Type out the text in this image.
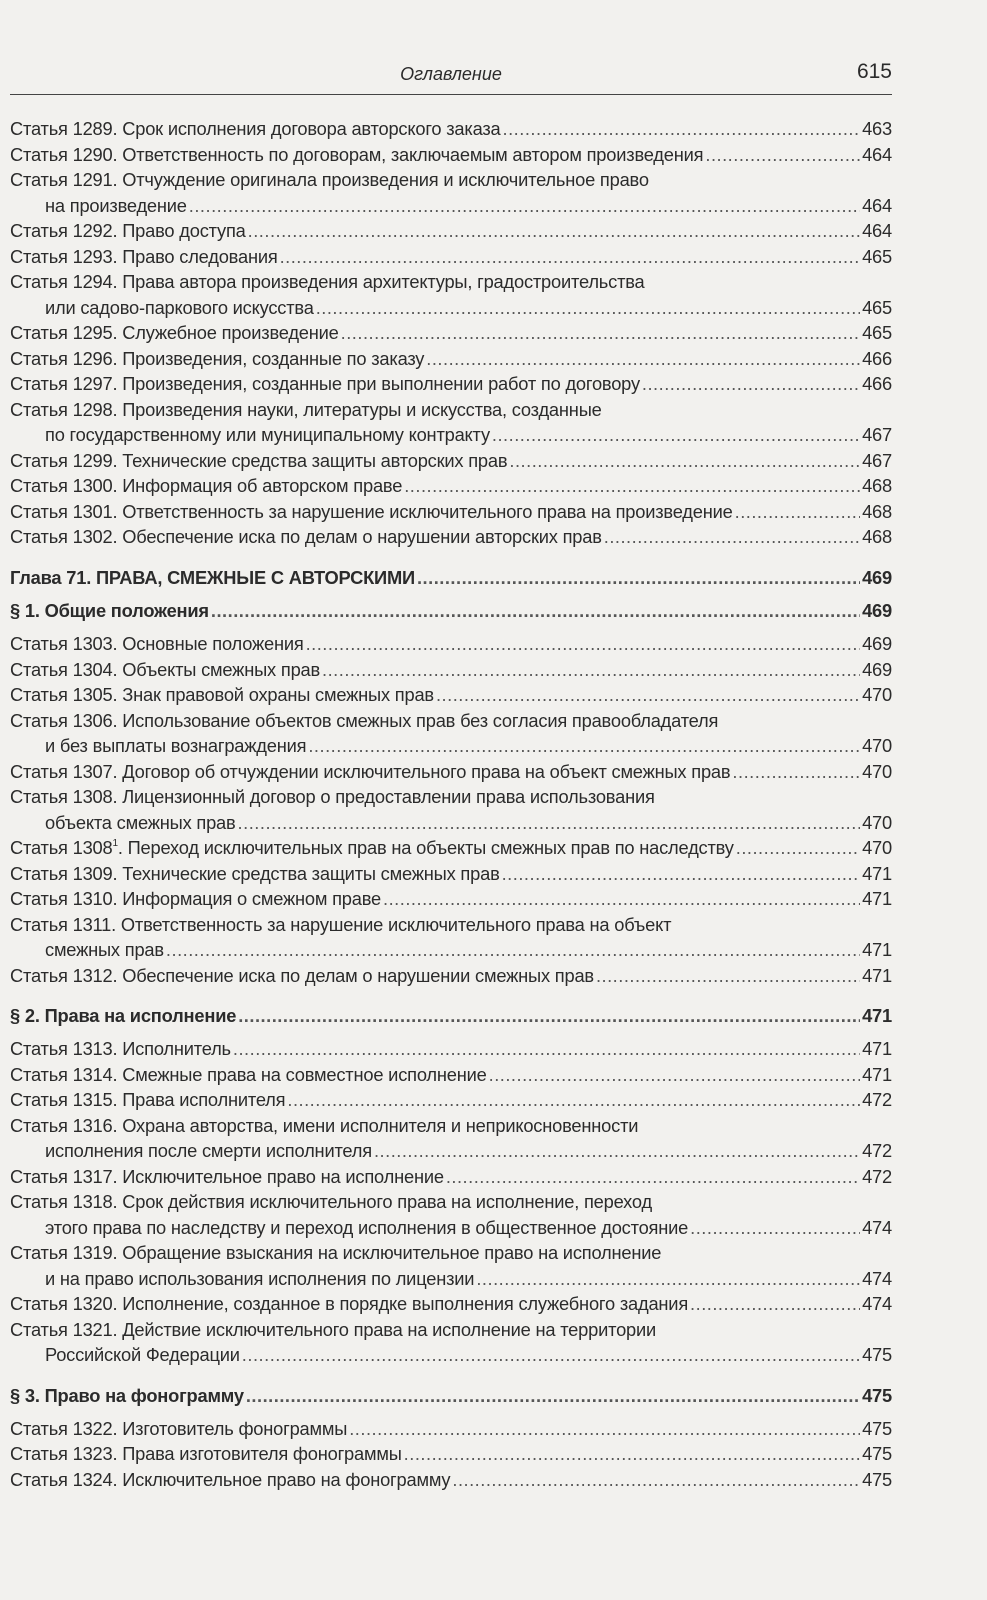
Оглавление	615
Статья 1289. Срок исполнения договора авторского заказа .....	463
Статья 1290. Ответственность по договорам, заключаемым автором произведения .....	464
Статья 1291. Отчуждение оригинала произведения и исключительное право
на произведение .....	464
Статья 1292. Право доступа .....	464
Статья 1293. Право следования .....	465
Статья 1294. Права автора произведения архитектуры, градостроительства
или садово-паркового искусства .....	465
Статья 1295. Служебное произведение .....	465
Статья 1296. Произведения, созданные по заказу .....	466
Статья 1297. Произведения, созданные при выполнении работ по договору .....	466
Статья 1298. Произведения науки, литературы и искусства, созданные
по государственному или муниципальному контракту .....	467
Статья 1299. Технические средства защиты авторских прав .....	467
Статья 1300. Информация об авторском праве .....	468
Статья 1301. Ответственность за нарушение исключительного права на произведение .....	468
Статья 1302. Обеспечение иска по делам о нарушении авторских прав .....	468
Глава 71. ПРАВА, СМЕЖНЫЕ С АВТОРСКИМИ .....	469
§ 1. Общие положения .....	469
Статья 1303. Основные положения .....	469
Статья 1304. Объекты смежных прав .....	469
Статья 1305. Знак правовой охраны смежных прав .....	470
Статья 1306. Использование объектов смежных прав без согласия правообладателя
и без выплаты вознаграждения .....	470
Статья 1307. Договор об отчуждении исключительного права на объект смежных прав .....	470
Статья 1308. Лицензионный договор о предоставлении права использования
объекта смежных прав .....	470
Статья 1308$^1$. Переход исключительных прав на объекты смежных прав по наследству .....	470
Статья 1309. Технические средства защиты смежных прав .....	471
Статья 1310. Информация о смежном праве .....	471
Статья 1311. Ответственность за нарушение исключительного права на объект
смежных прав .....	471
Статья 1312. Обеспечение иска по делам о нарушении смежных прав .....	471
§ 2. Права на исполнение .....	471
Статья 1313. Исполнитель .....	471
Статья 1314. Смежные права на совместное исполнение .....	471
Статья 1315. Права исполнителя .....	472
Статья 1316. Охрана авторства, имени исполнителя и неприкосновенности
исполнения после смерти исполнителя .....	472
Статья 1317. Исключительное право на исполнение .....	472
Статья 1318. Срок действия исключительного права на исполнение, переход
этого права по наследству и переход исполнения в общественное достояние .....	474
Статья 1319. Обращение взыскания на исключительное право на исполнение
и на право использования исполнения по лицензии .....	474
Статья 1320. Исполнение, созданное в порядке выполнения служебного задания .....	474
Статья 1321. Действие исключительного права на исполнение на территории
Российской Федерации .....	475
§ 3. Право на фонограмму .....	475
Статья 1322. Изготовитель фонограммы .....	475
Статья 1323. Права изготовителя фонограммы .....	475
Статья 1324. Исключительное право на фонограмму .....	475
